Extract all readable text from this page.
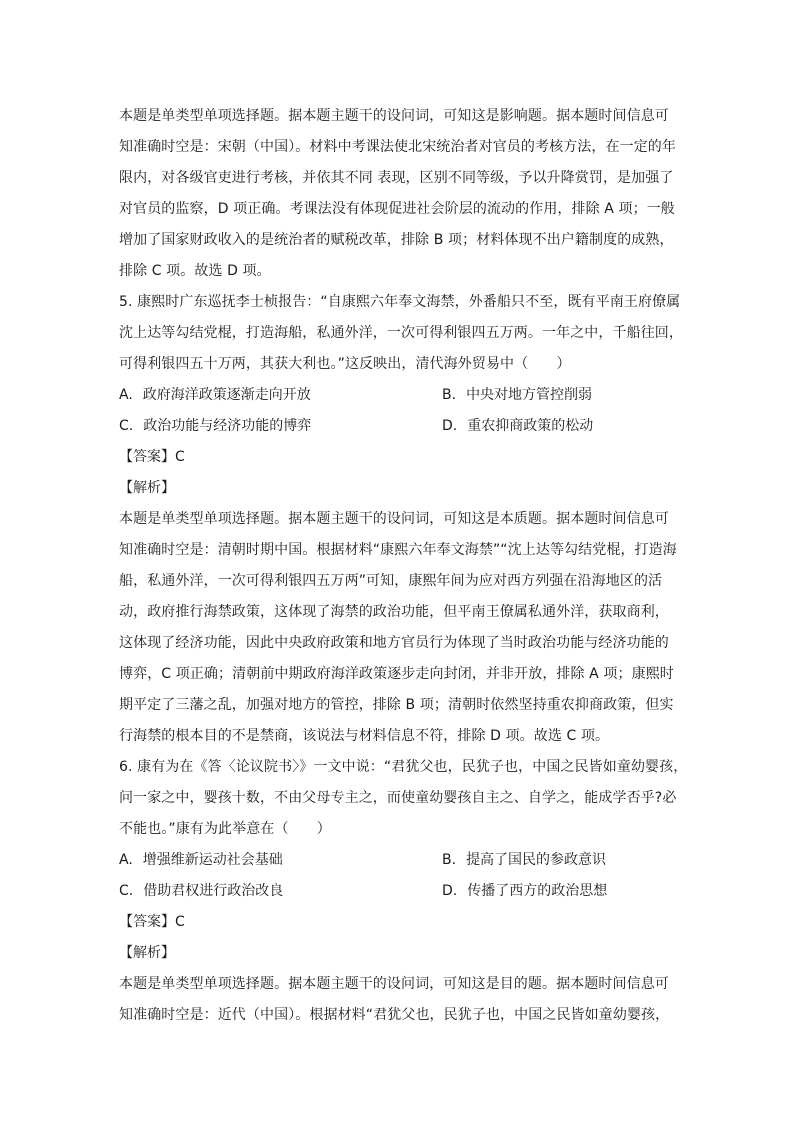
本题是单类型单项选择题。据本题主题干的设问词，可知这是影响题。据本题时间信息可
知准确时空是：宋朝（中国）。材料中考课法使北宋统治者对官员的考核方法，在一定的年
限内，对各级官吏进行考核，并依其不同 表现，区别不同等级，予以升降赏罚，是加强了
对官员的监察，D 项正确。考课法没有体现促进社会阶层的流动的作用，排除 A 项；一般
增加了国家财政收入的是统治者的赋税改革，排除 B 项；材料体现不出户籍制度的成熟，
排除 C 项。故选 D 项。
5. 康熙时广东巡抚李士桢报告：“自康熙六年奉文海禁，外番船只不至，既有平南王府僚属
沈上达等勾结党棍，打造海船，私通外洋，一次可得利银四五万两。一年之中，千船往回，
可得利银四五十万两，其获大利也。”这反映出，清代海外贸易中（　　）
A. 政府海洋政策逐渐走向开放	B. 中央对地方管控削弱
C. 政治功能与经济功能的博弈	D. 重农抑商政策的松动
【答案】C
【解析】
本题是单类型单项选择题。据本题主题干的设问词，可知这是本质题。据本题时间信息可
知准确时空是：清朝时期中国。根据材料“康熙六年奉文海禁”“沈上达等勾结党棍，打造海
船，私通外洋，一次可得利银四五万两”可知，康熙年间为应对西方列强在沿海地区的活
动，政府推行海禁政策，这体现了海禁的政治功能，但平南王僚属私通外洋，获取商利，
这体现了经济功能，因此中央政府政策和地方官员行为体现了当时政治功能与经济功能的
博弈，C 项正确；清朝前中期政府海洋政策逐步走向封闭，并非开放，排除 A 项；康熙时
期平定了三藩之乱，加强对地方的管控，排除 B 项；清朝时依然坚持重农抑商政策，但实
行海禁的根本目的不是禁商，该说法与材料信息不符，排除 D 项。故选 C 项。
6. 康有为在《答〈论议院书〉》一文中说：“君犹父也，民犹子也，中国之民皆如童幼婴孩，
问一家之中，婴孩十数，不由父母专主之，而使童幼婴孩自主之、自学之，能成学否乎?必
不能也。”康有为此举意在（　　）
A. 增强维新运动社会基础	B. 提高了国民的参政意识
C. 借助君权进行政治改良	D. 传播了西方的政治思想
【答案】C
【解析】
本题是单类型单项选择题。据本题主题干的设问词，可知这是目的题。据本题时间信息可
知准确时空是：近代（中国）。根据材料“君犹父也，民犹子也，中国之民皆如童幼婴孩，
